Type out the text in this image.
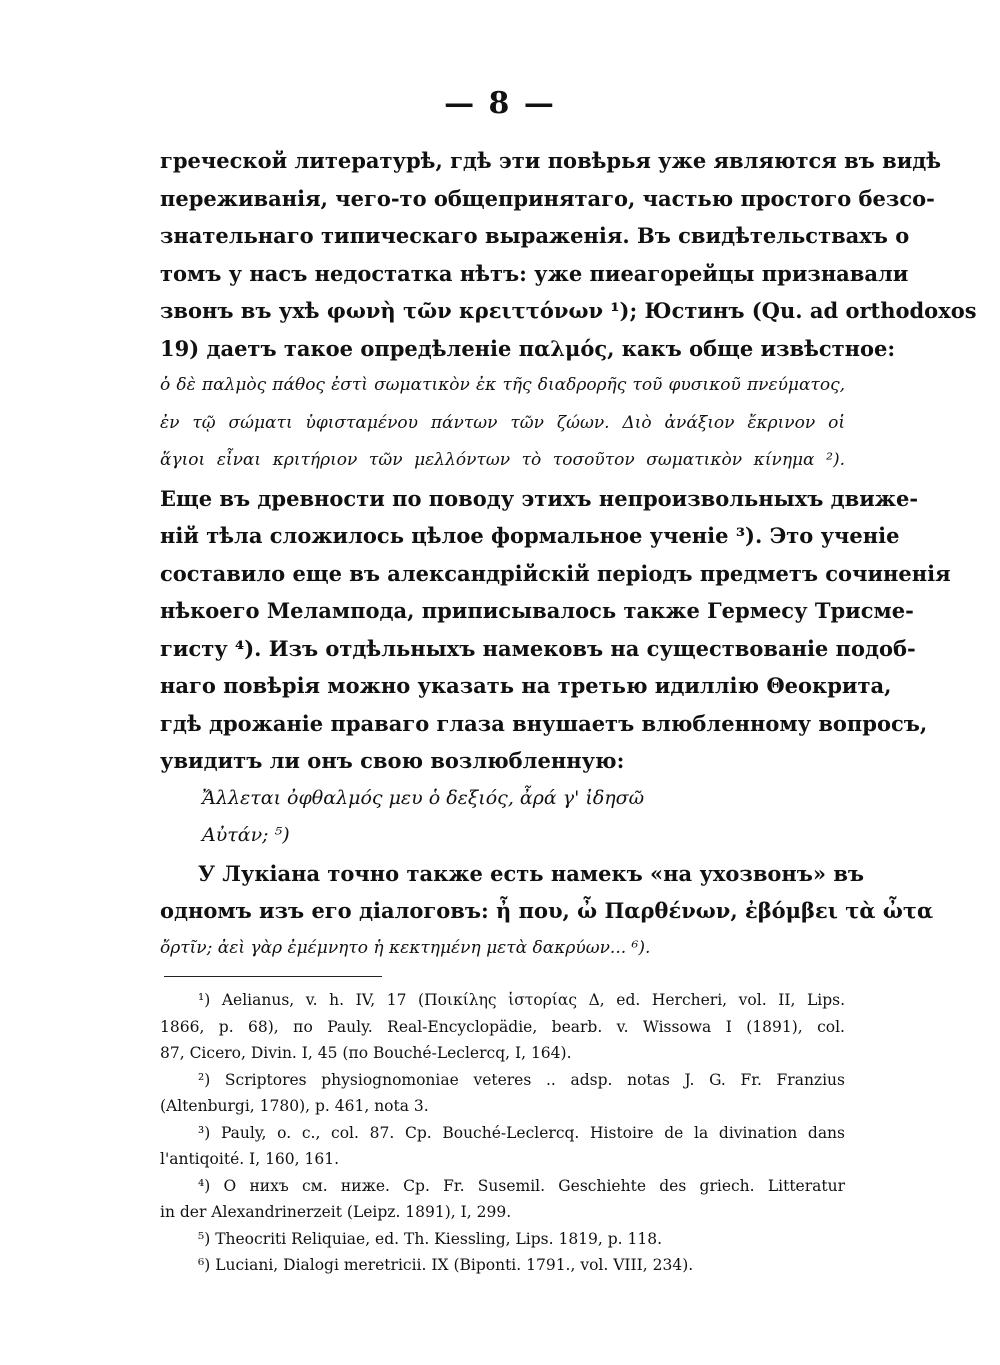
— 8 —
греческой литературѣ, гдѣ эти повѣрья уже являются въ видѣ
переживанія, чего-то общепринятаго, частью простого безсо-
знательнаго типическаго выраженія. Въ свидѣтельствахъ о
томъ у насъ недостатка нѣтъ: уже пиеагорейцы признавали
звонъ въ ухѣ φωνὴ τῶν κρειττόνων ¹); Юстинъ (Qu. ad orthodoxos
19) даетъ такое опредѣленіе παλμός, какъ обще извѣстное:
ὁ δὲ παλμὸς πάθος ἐστὶ σωματικὸν ἐκ τῆς διαδρορῆς τοῦ φυσικοῦ πνεύματος,
ἐν τῷ σώματι ὑφισταμένου πάντων τῶν ζώων. Διὸ ἀνάξιον ἔκρινον οἱ
ἅγιοι εἶναι κριτήριον τῶν μελλόντων τὸ τοσοῦτον σωματικὸν κίνημα ²).
Еще въ древности по поводу этихъ непроизвольныхъ движе-
ній тѣла сложилось цѣлое формальное ученіе ³). Это ученіе
составило еще въ александрійскій періодъ предметъ сочиненія
нѣкоего Мелампода, приписывалось также Гермесу Трисме-
гисту ⁴). Изъ отдѣльныхъ намековъ на существованіе подоб-
наго повѣрія можно указать на третью идиллію Θеокрита,
гдѣ дрожаніе праваго глаза внушаетъ влюбленному вопросъ,
увидитъ ли онъ свою возлюбленную:
Ἄλλεται ὀφθαλμός μευ ὁ δεξιός, ἆρά γ' ἰδησῶ
Αὐτάν; ⁵)
У Лукіана точно также есть намекъ «на ухозвонъ» въ
одномъ изъ его діалоговъ: ἦ που, ὦ Παρθένων, ἐβόμβει τὰ ὦτα
ὄρτῖν; ἀεὶ γὰρ ἐμέμνητο ἡ κεκτημένη μετὰ δακρύων... ⁶).
¹) Aelianus, v. h. IV, 17 (Ποικίλης ἱστορίας Δ, ed. Hercheri, vol. II, Lips.
1866, p. 68), по Pauly. Real-Encyclopädie, bearb. v. Wissowa I (1891), col.
87, Cicero, Divin. I, 45 (по Bouché-Leclercq, I, 164).
²) Scriptores physiognomoniae veteres .. adsp. notas J. G. Fr. Franzius
(Altenburgi, 1780), p. 461, nota 3.
³) Pauly, o. c., col. 87. Ср. Bouché-Leclercq. Histoire de la divination dans
l'antiqoité. I, 160, 161.
⁴) О нихъ см. ниже. Ср. Fr. Susemil. Geschiehte des griech. Litteratur
in der Alexandrinerzeit (Leipz. 1891), I, 299.
⁵) Theocriti Reliquiae, ed. Th. Kiessling, Lips. 1819, p. 118.
⁶) Luciani, Dialogi meretricii. IX (Biponti. 1791., vol. VIII, 234).
